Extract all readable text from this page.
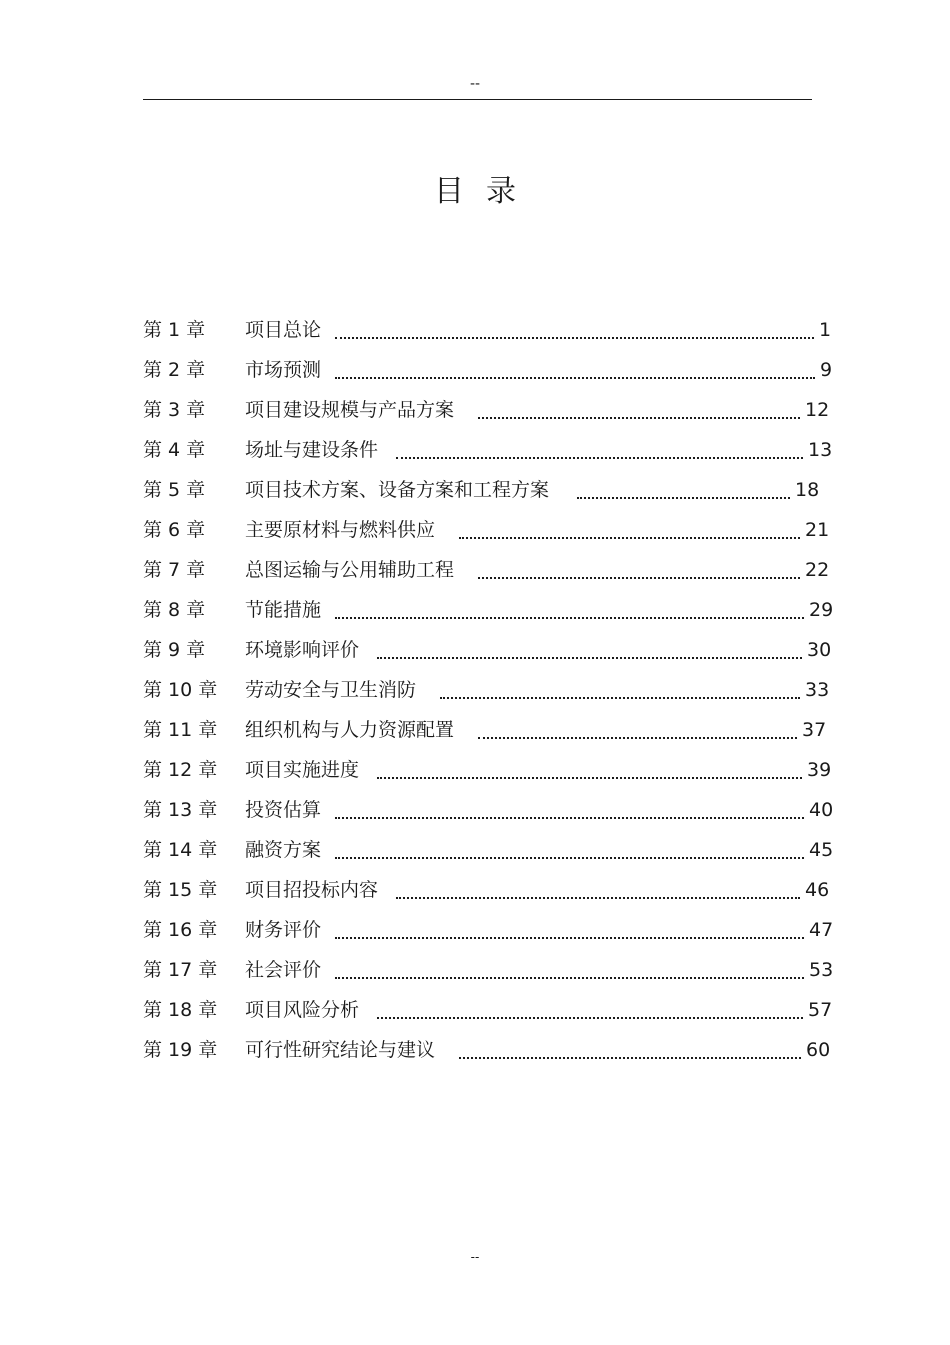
--
目录
第 1 章 项目总论	1
第 2 章 市场预测	9
第 3 章 项目建设规模与产品方案	12
第 4 章 场址与建设条件	13
第 5 章 项目技术方案、设备方案和工程方案	18
第 6 章 主要原材料与燃料供应	21
第 7 章 总图运输与公用辅助工程	22
第 8 章 节能措施	29
第 9 章 环境影响评价	30
第 10 章 劳动安全与卫生消防	33
第 11 章 组织机构与人力资源配置	37
第 12 章 项目实施进度	39
第 13 章 投资估算	40
第 14 章 融资方案	45
第 15 章 项目招投标内容	46
第 16 章 财务评价	47
第 17 章 社会评价	53
第 18 章 项目风险分析	57
第 19 章 可行性研究结论与建议	60
--
